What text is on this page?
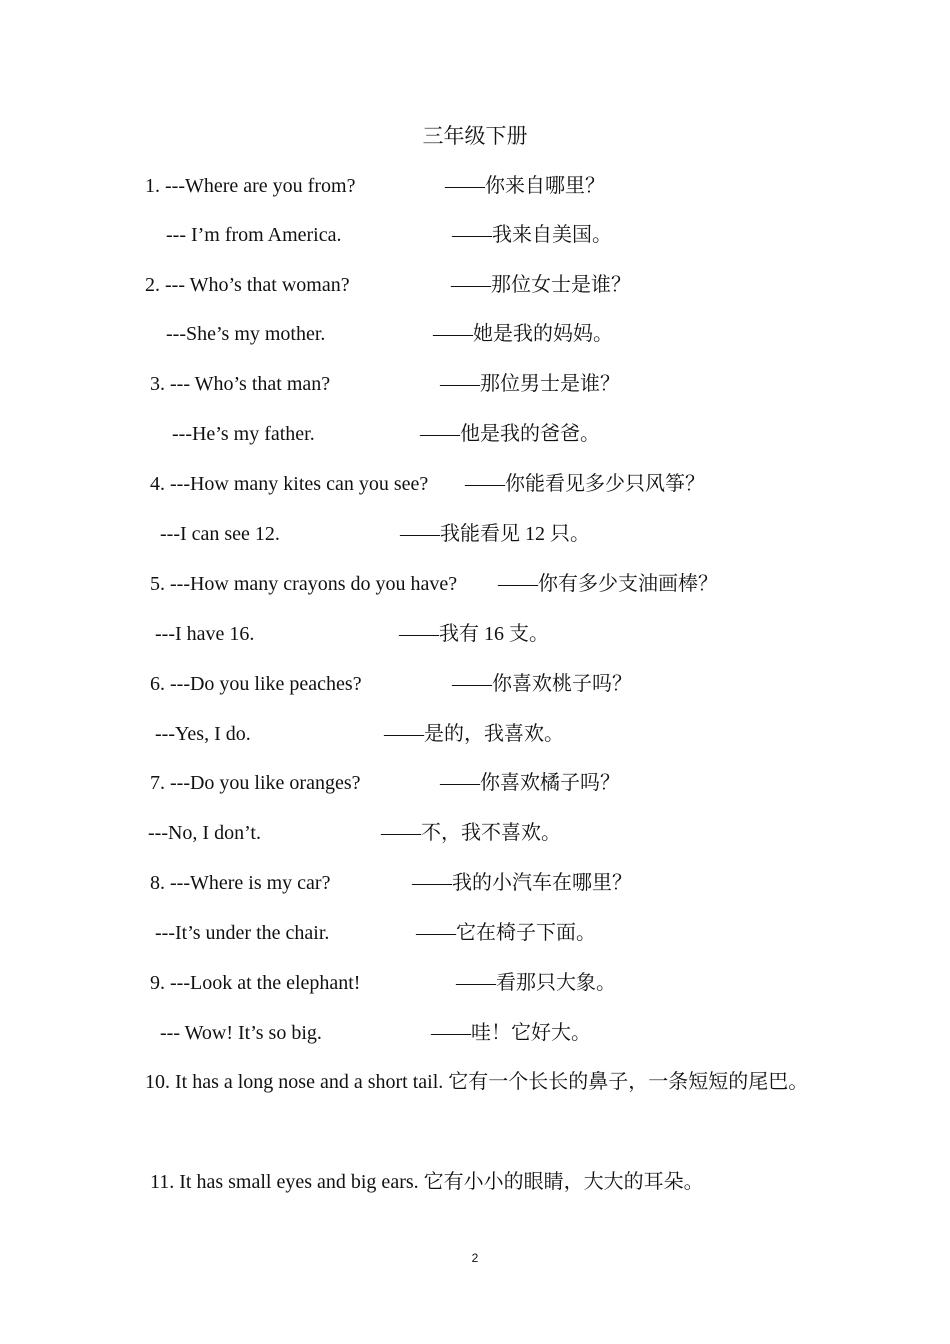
三年级下册
1. ---Where are you from?	——你来自哪里？
--- I’m from America.	——我来自美国。
2. --- Who’s that woman?	——那位女士是谁？
---She’s my mother.	——她是我的妈妈。
3. --- Who’s that man?	——那位男士是谁？
---He’s my father.	——他是我的爸爸。
4. ---How many kites can you see? ——你能看见多少只风筝？
---I can see 12.	——我能看见 12 只。
5. ---How many crayons do you have? ——你有多少支油画棒？
---I have 16.	——我有 16 支。
6. ---Do you like peaches?	——你喜欢桃子吗？
---Yes, I do.	——是的，我喜欢。
7. ---Do you like oranges?	——你喜欢橘子吗？
---No, I don’t.	——不，我不喜欢。
8. ---Where is my car?	——我的小汽车在哪里？
---It’s under the chair.	——它在椅子下面。
9. ---Look at the elephant!	——看那只大象。
--- Wow! It’s so big.	——哇！它好大。
10. It has a long nose and a short tail. 它有一个长长的鼻子，一条短短的尾巴。
11. It has small eyes and big ears. 它有小小的眼睛，大大的耳朵。
2
